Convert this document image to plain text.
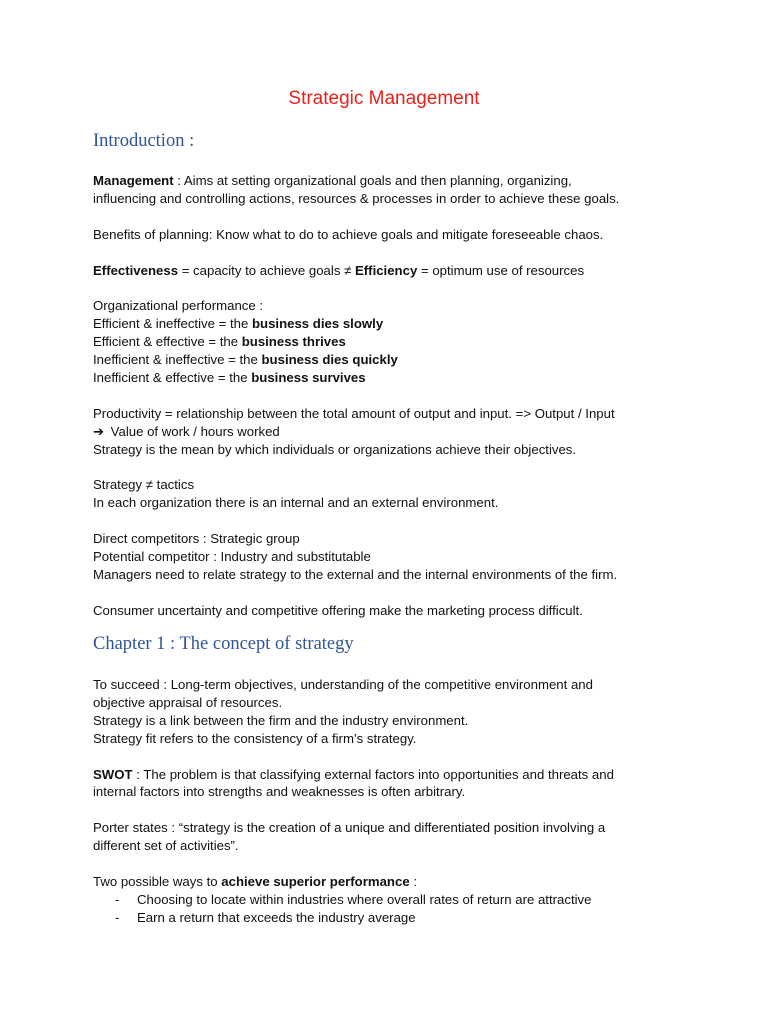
Strategic Management
Introduction :

Management : Aims at setting organizational goals and then planning, organizing,
influencing and controlling actions, resources & processes in order to achieve these goals.

Benefits of planning: Know what to do to achieve goals and mitigate foreseeable chaos.

Effectiveness = capacity to achieve goals ≠ Efficiency = optimum use of resources

Organizational performance :

Efficient & ineffective = the business dies slowly

Efficient & effective = the business thrives

Inefficient & ineffective = the business dies quickly

Inefficient & effective = the business survives

Productivity = relationship between the total amount of output and input. => Output / Input

➔ Value of work / hours worked

Strategy is the mean by which individuals or organizations achieve their objectives.

Strategy ≠ tactics

In each organization there is an internal and an external environment.

Direct competitors : Strategic group

Potential competitor : Industry and substitutable

Managers need to relate strategy to the external and the internal environments of the firm.

Consumer uncertainty and competitive offering make the marketing process difficult.

Chapter 1 : The concept of strategy

To succeed : Long-term objectives, understanding of the competitive environment and
objective appraisal of resources.

Strategy is a link between the firm and the industry environment.

Strategy fit refers to the consistency of a firm’s strategy.

SWOT : The problem is that classifying external factors into opportunities and threats and
internal factors into strengths and weaknesses is often arbitrary.

Porter states : “strategy is the creation of a unique and differentiated position involving a
different set of activities”.

Two possible ways to achieve superior performance :

- Choosing to locate within industries where overall rates of return are attractive
- Earn a return that exceeds the industry average
